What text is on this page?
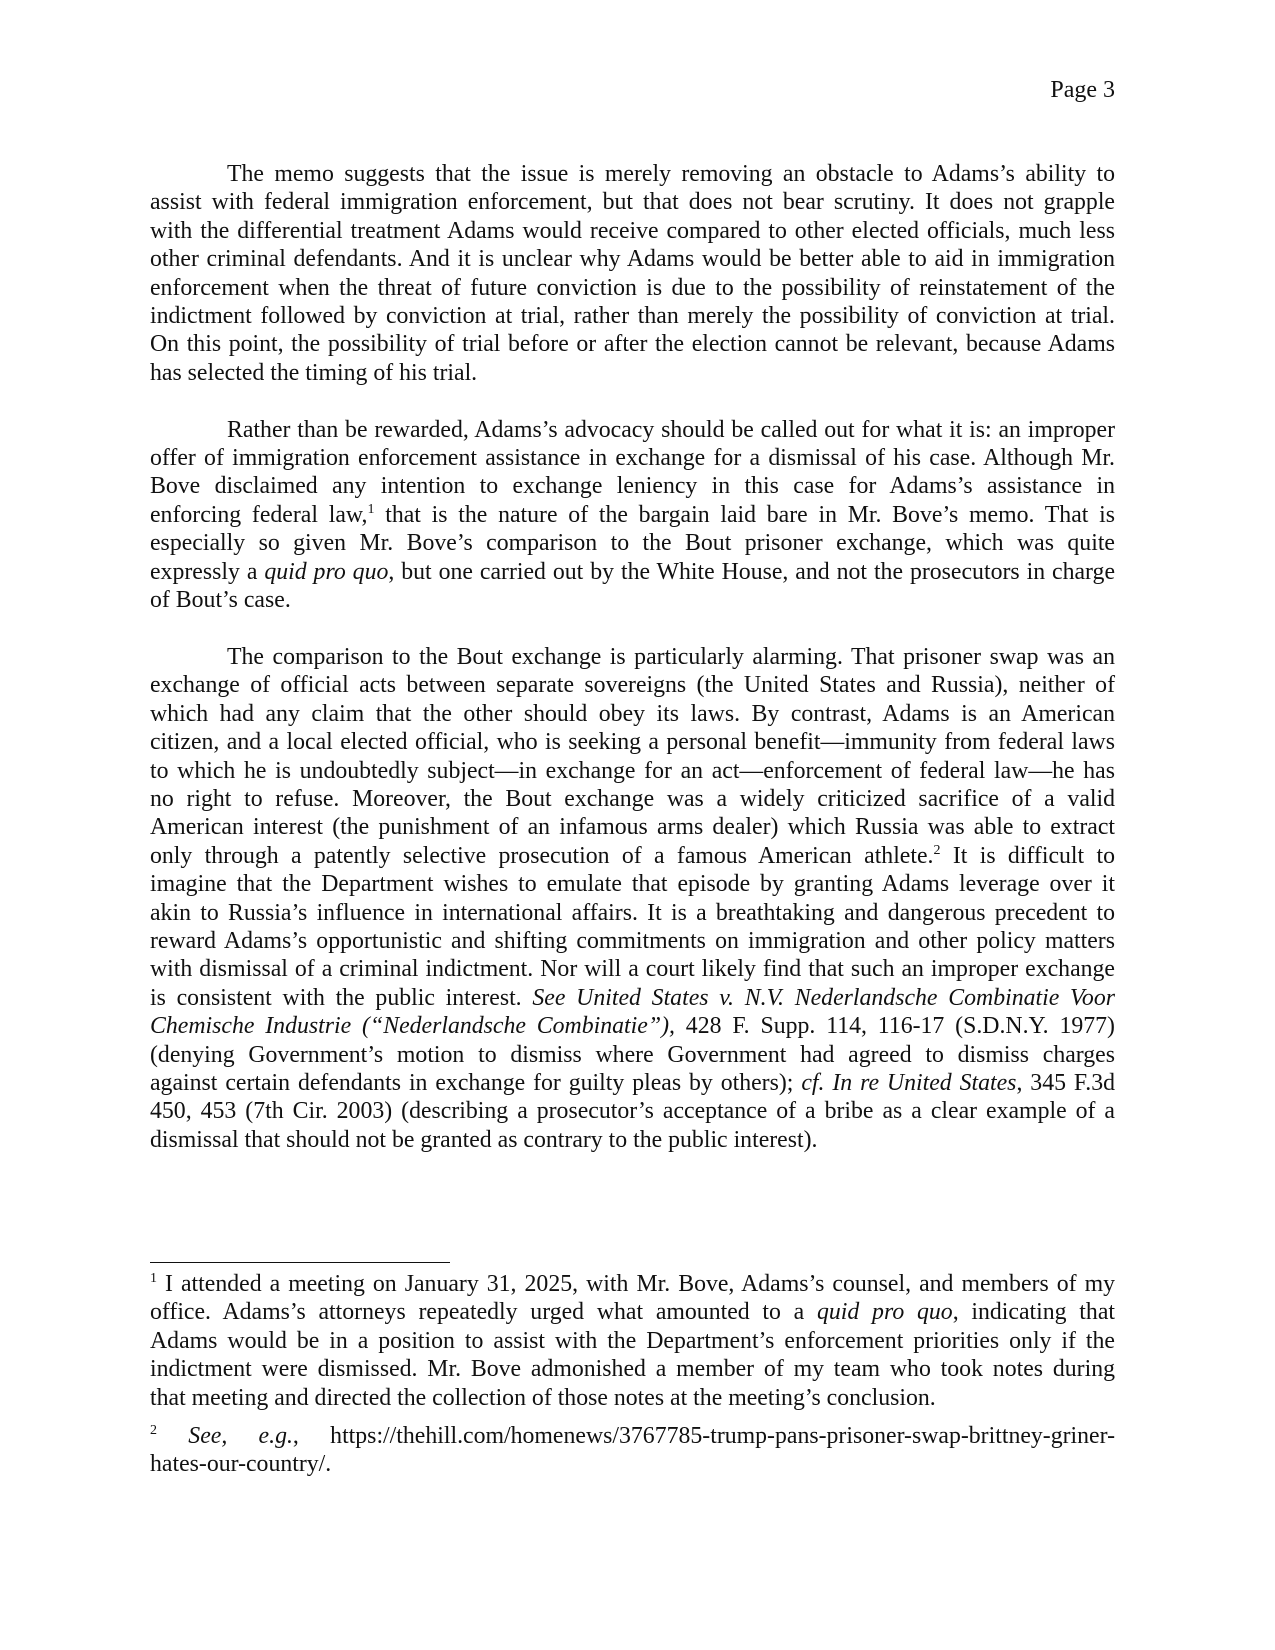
Page 3
The memo suggests that the issue is merely removing an obstacle to Adams’s ability to
assist with federal immigration enforcement, but that does not bear scrutiny. It does not grapple
with the differential treatment Adams would receive compared to other elected officials, much less
other criminal defendants. And it is unclear why Adams would be better able to aid in immigration
enforcement when the threat of future conviction is due to the possibility of reinstatement of the
indictment followed by conviction at trial, rather than merely the possibility of conviction at trial.
On this point, the possibility of trial before or after the election cannot be relevant, because Adams
has selected the timing of his trial.
Rather than be rewarded, Adams’s advocacy should be called out for what it is: an improper
offer of immigration enforcement assistance in exchange for a dismissal of his case. Although Mr.
Bove disclaimed any intention to exchange leniency in this case for Adams’s assistance in
enforcing federal law,$^1$ that is the nature of the bargain laid bare in Mr. Bove’s memo. That is
especially so given Mr. Bove’s comparison to the Bout prisoner exchange, which was quite
expressly a quid pro quo, but one carried out by the White House, and not the prosecutors in charge
of Bout’s case.
The comparison to the Bout exchange is particularly alarming. That prisoner swap was an
exchange of official acts between separate sovereigns (the United States and Russia), neither of
which had any claim that the other should obey its laws. By contrast, Adams is an American
citizen, and a local elected official, who is seeking a personal benefit—immunity from federal laws
to which he is undoubtedly subject—in exchange for an act—enforcement of federal law—he has
no right to refuse. Moreover, the Bout exchange was a widely criticized sacrifice of a valid
American interest (the punishment of an infamous arms dealer) which Russia was able to extract
only through a patently selective prosecution of a famous American athlete.$^2$ It is difficult to
imagine that the Department wishes to emulate that episode by granting Adams leverage over it
akin to Russia’s influence in international affairs. It is a breathtaking and dangerous precedent to
reward Adams’s opportunistic and shifting commitments on immigration and other policy matters
with dismissal of a criminal indictment. Nor will a court likely find that such an improper exchange
is consistent with the public interest. See United States v. N.V. Nederlandsche Combinatie Voor
Chemische Industrie (“Nederlandsche Combinatie”), 428 F. Supp. 114, 116-17 (S.D.N.Y. 1977)
(denying Government’s motion to dismiss where Government had agreed to dismiss charges
against certain defendants in exchange for guilty pleas by others); cf. In re United States, 345 F.3d
450, 453 (7th Cir. 2003) (describing a prosecutor’s acceptance of a bribe as a clear example of a
dismissal that should not be granted as contrary to the public interest).
$^1$ I attended a meeting on January 31, 2025, with Mr. Bove, Adams’s counsel, and members of my
office. Adams’s attorneys repeatedly urged what amounted to a quid pro quo, indicating that
Adams would be in a position to assist with the Department’s enforcement priorities only if the
indictment were dismissed. Mr. Bove admonished a member of my team who took notes during
that meeting and directed the collection of those notes at the meeting’s conclusion.
$^2$ See, e.g., https://thehill.com/homenews/3767785-trump-pans-prisoner-swap-brittney-griner-
hates-our-country/.
